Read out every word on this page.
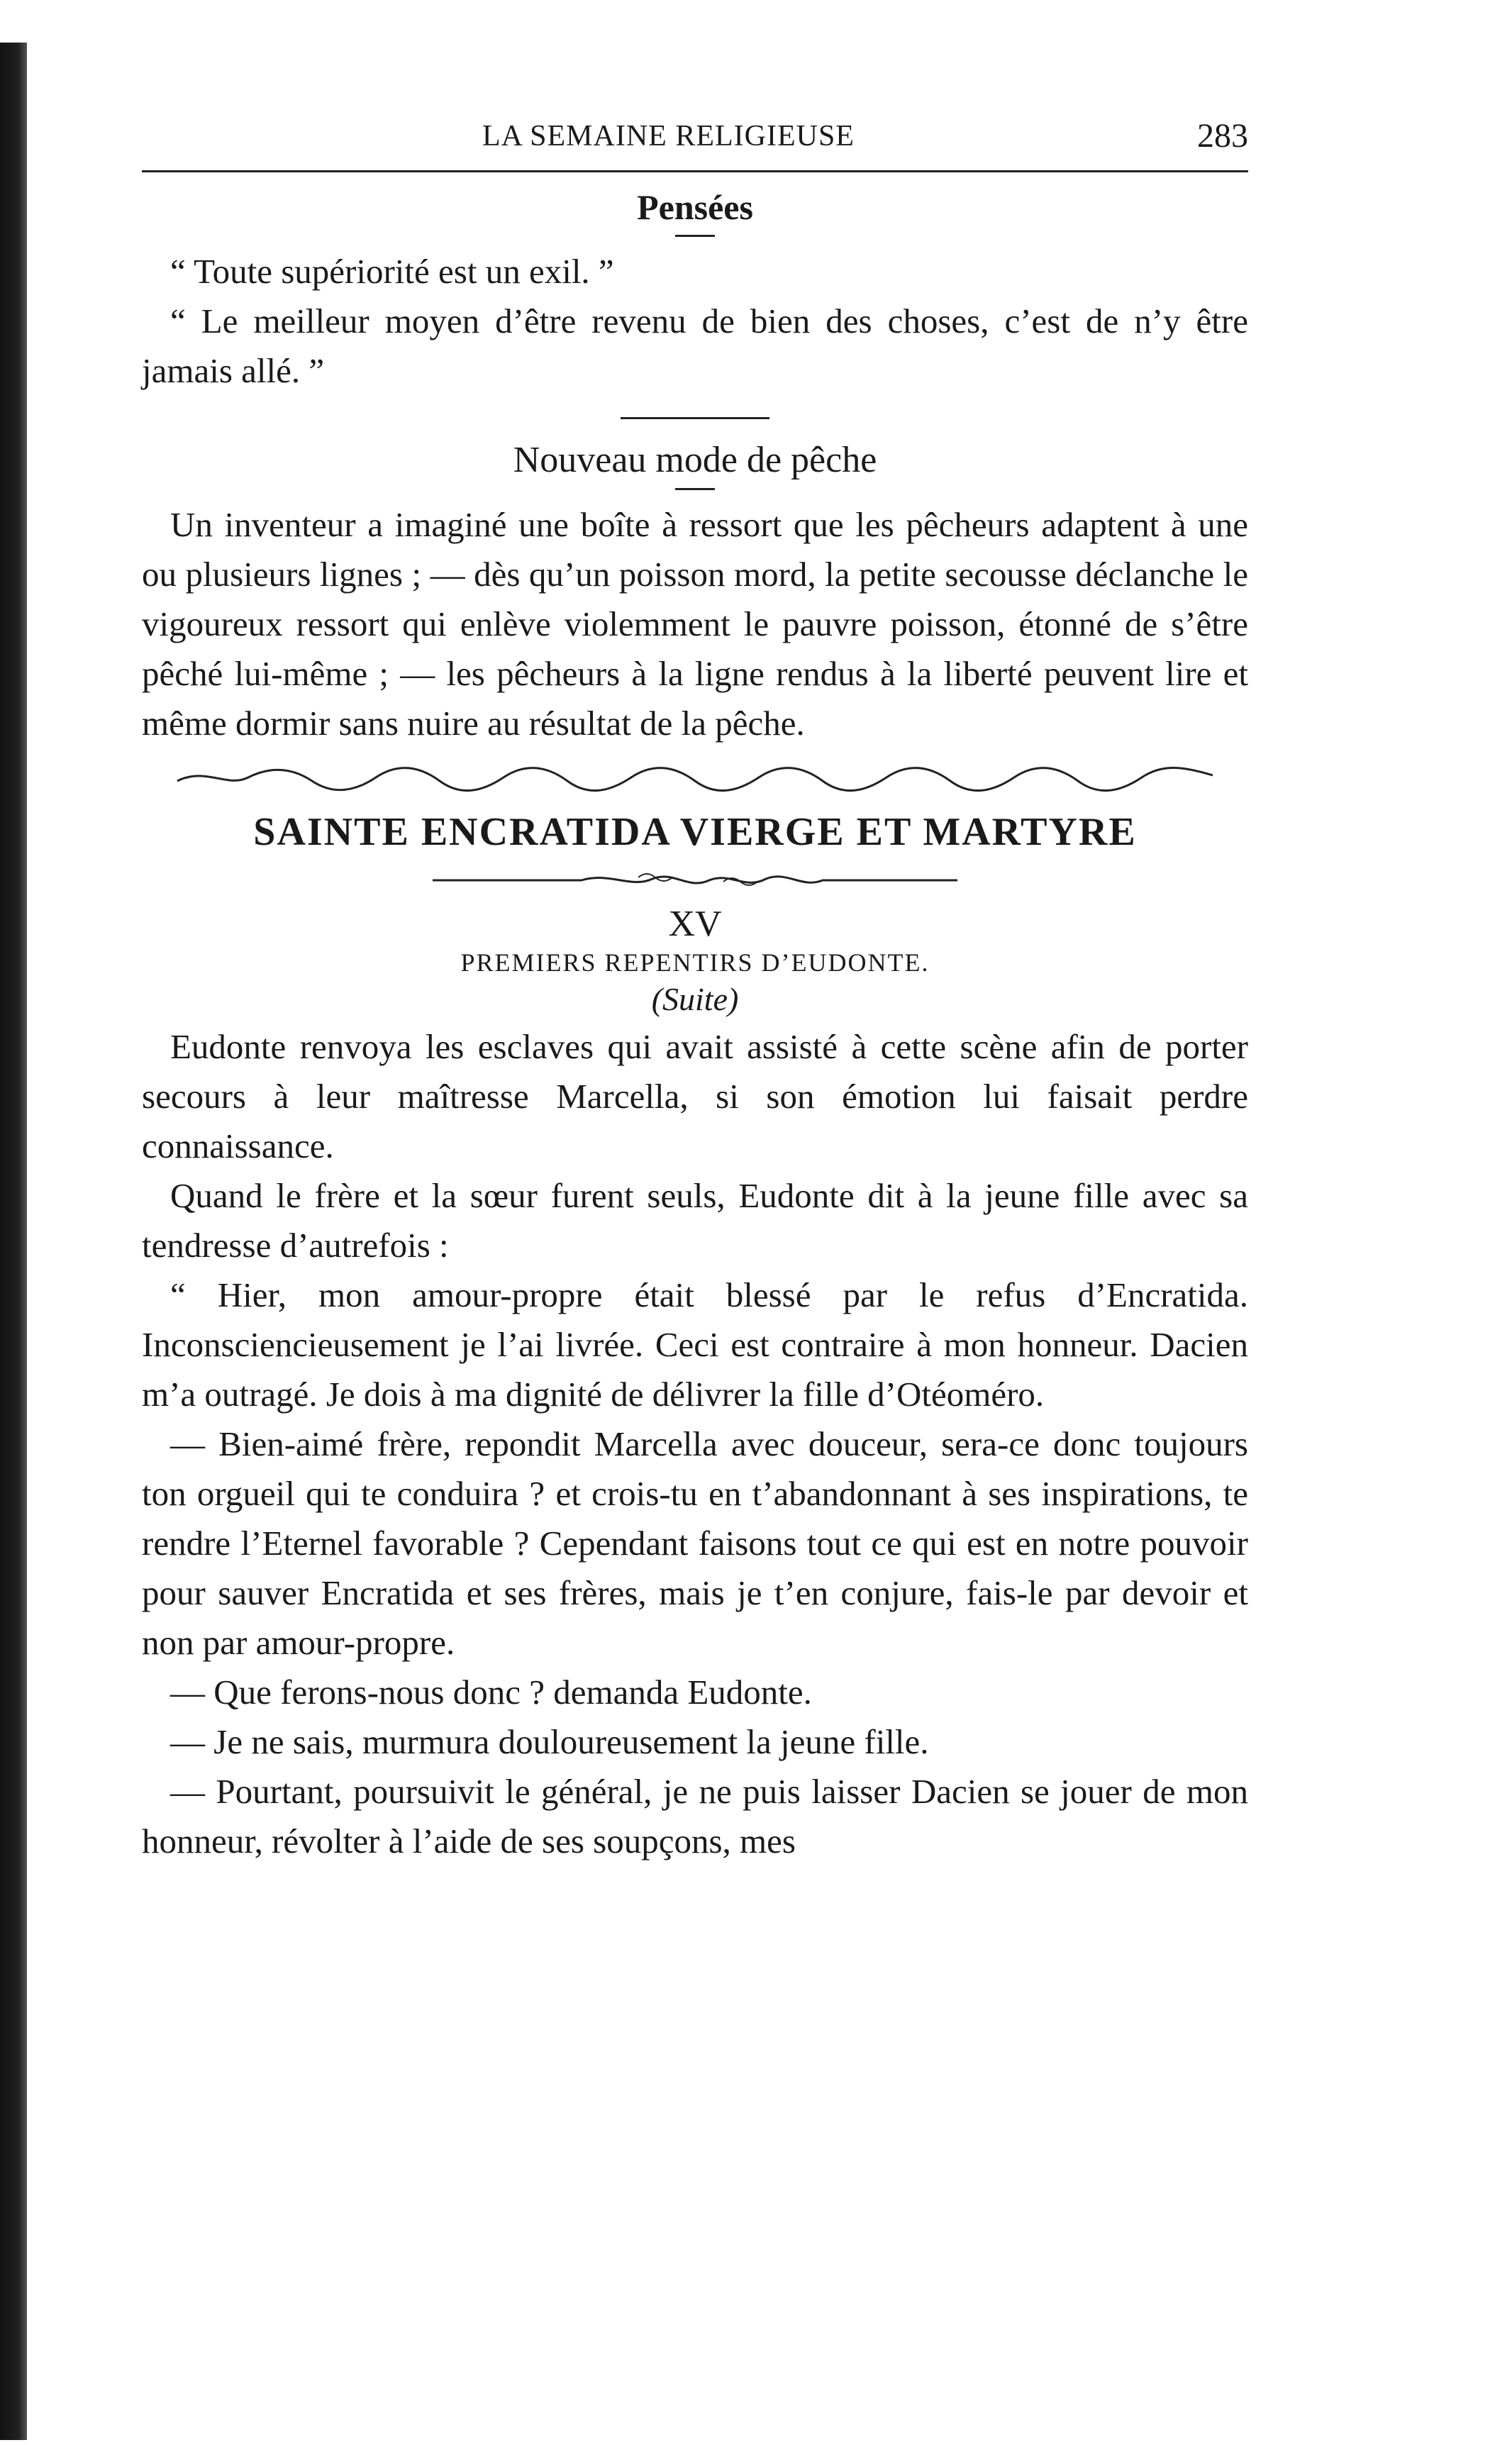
LA SEMAINE RELIGIEUSE	283
Pensées

“ Toute supériorité est un exil. ”

“ Le meilleur moyen d’être revenu de bien des choses, c’est de n’y être jamais allé. ”

Nouveau mode de pêche

Un inventeur a imaginé une boîte à ressort que les pêcheurs adaptent à une ou plusieurs lignes ; — dès qu’un poisson mord, la petite secousse déclanche le vigoureux ressort qui enlève violemment le pauvre poisson, étonné de s’être pêché lui-même ; — les pêcheurs à la ligne rendus à la liberté peuvent lire et même dormir sans nuire au résultat de la pêche.

SAINTE ENCRATIDA VIERGE ET MARTYRE
XV
PREMIERS REPENTIRS D’EUDONTE.
(Suite)

Eudonte renvoya les esclaves qui avait assisté à cette scène afin de porter secours à leur maîtresse Marcella, si son émotion lui faisait perdre connaissance.

Quand le frère et la sœur furent seuls, Eudonte dit à la jeune fille avec sa tendresse d’autrefois :

“ Hier, mon amour-propre était blessé par le refus d’Encratida. Inconsciencieusement je l’ai livrée. Ceci est contraire à mon honneur. Dacien m’a outragé. Je dois à ma dignité de délivrer la fille d’Otéoméro.

— Bien-aimé frère, repondit Marcella avec douceur, sera-ce donc toujours ton orgueil qui te conduira ? et crois-tu en t’abandonnant à ses inspirations, te rendre l’Eternel favorable ? Cependant faisons tout ce qui est en notre pouvoir pour sauver Encratida et ses frères, mais je t’en conjure, fais-le par devoir et non par amour-propre.

— Que ferons-nous donc ? demanda Eudonte.

— Je ne sais, murmura douloureusement la jeune fille.

— Pourtant, poursuivit le général, je ne puis laisser Dacien se jouer de mon honneur, révolter à l’aide de ses soupçons, mes
